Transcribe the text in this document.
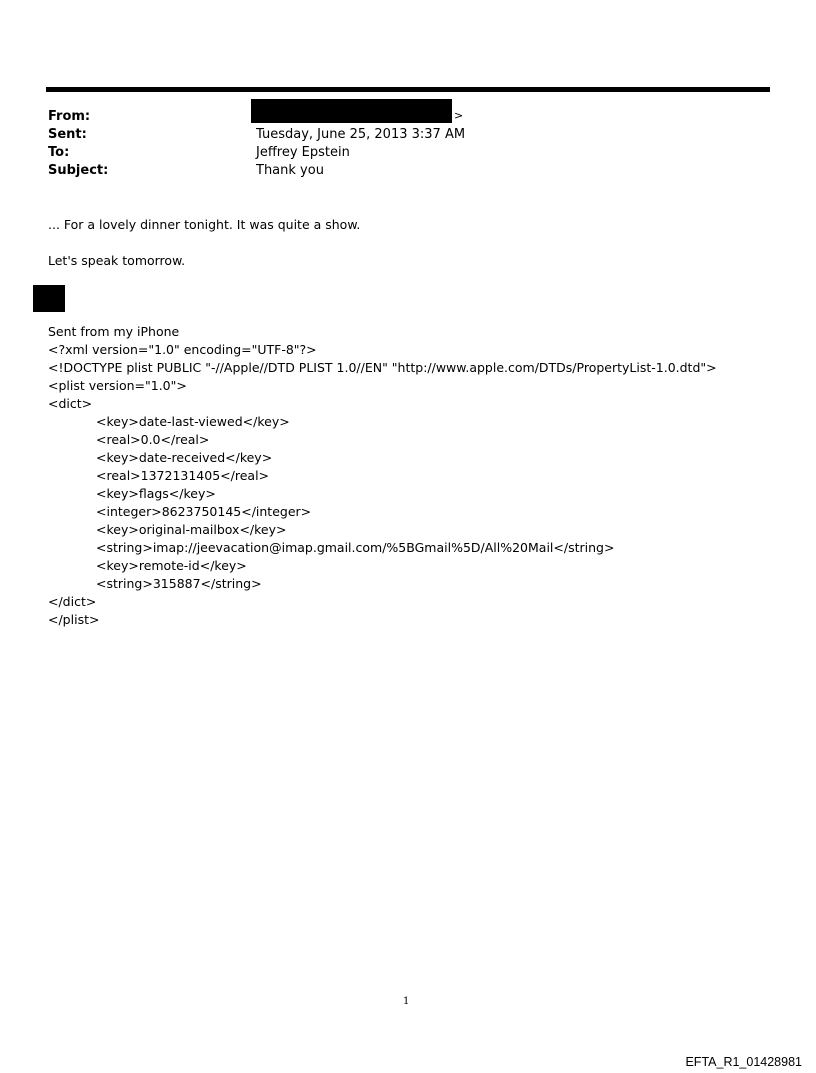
From:	>
Sent:	Tuesday, June 25, 2013 3:37 AM
To:	Jeffrey Epstein
Subject:	Thank you
... For a lovely dinner tonight. It was quite a show.
Let's speak tomorrow.
Sent from my iPhone
<?xml version="1.0" encoding="UTF-8"?>
<!DOCTYPE plist PUBLIC "-//Apple//DTD PLIST 1.0//EN" "http://www.apple.com/DTDs/PropertyList-1.0.dtd">
<plist version="1.0">
<dict>
<key>date-last-viewed</key>
<real>0.0</real>
<key>date-received</key>
<real>1372131405</real>
<key>flags</key>
<integer>8623750145</integer>
<key>original-mailbox</key>
<string>imap://jeevacation@imap.gmail.com/%5BGmail%5D/All%20Mail</string>
<key>remote-id</key>
<string>315887</string>
</dict>
</plist>
1
EFTA_R1_01428981
